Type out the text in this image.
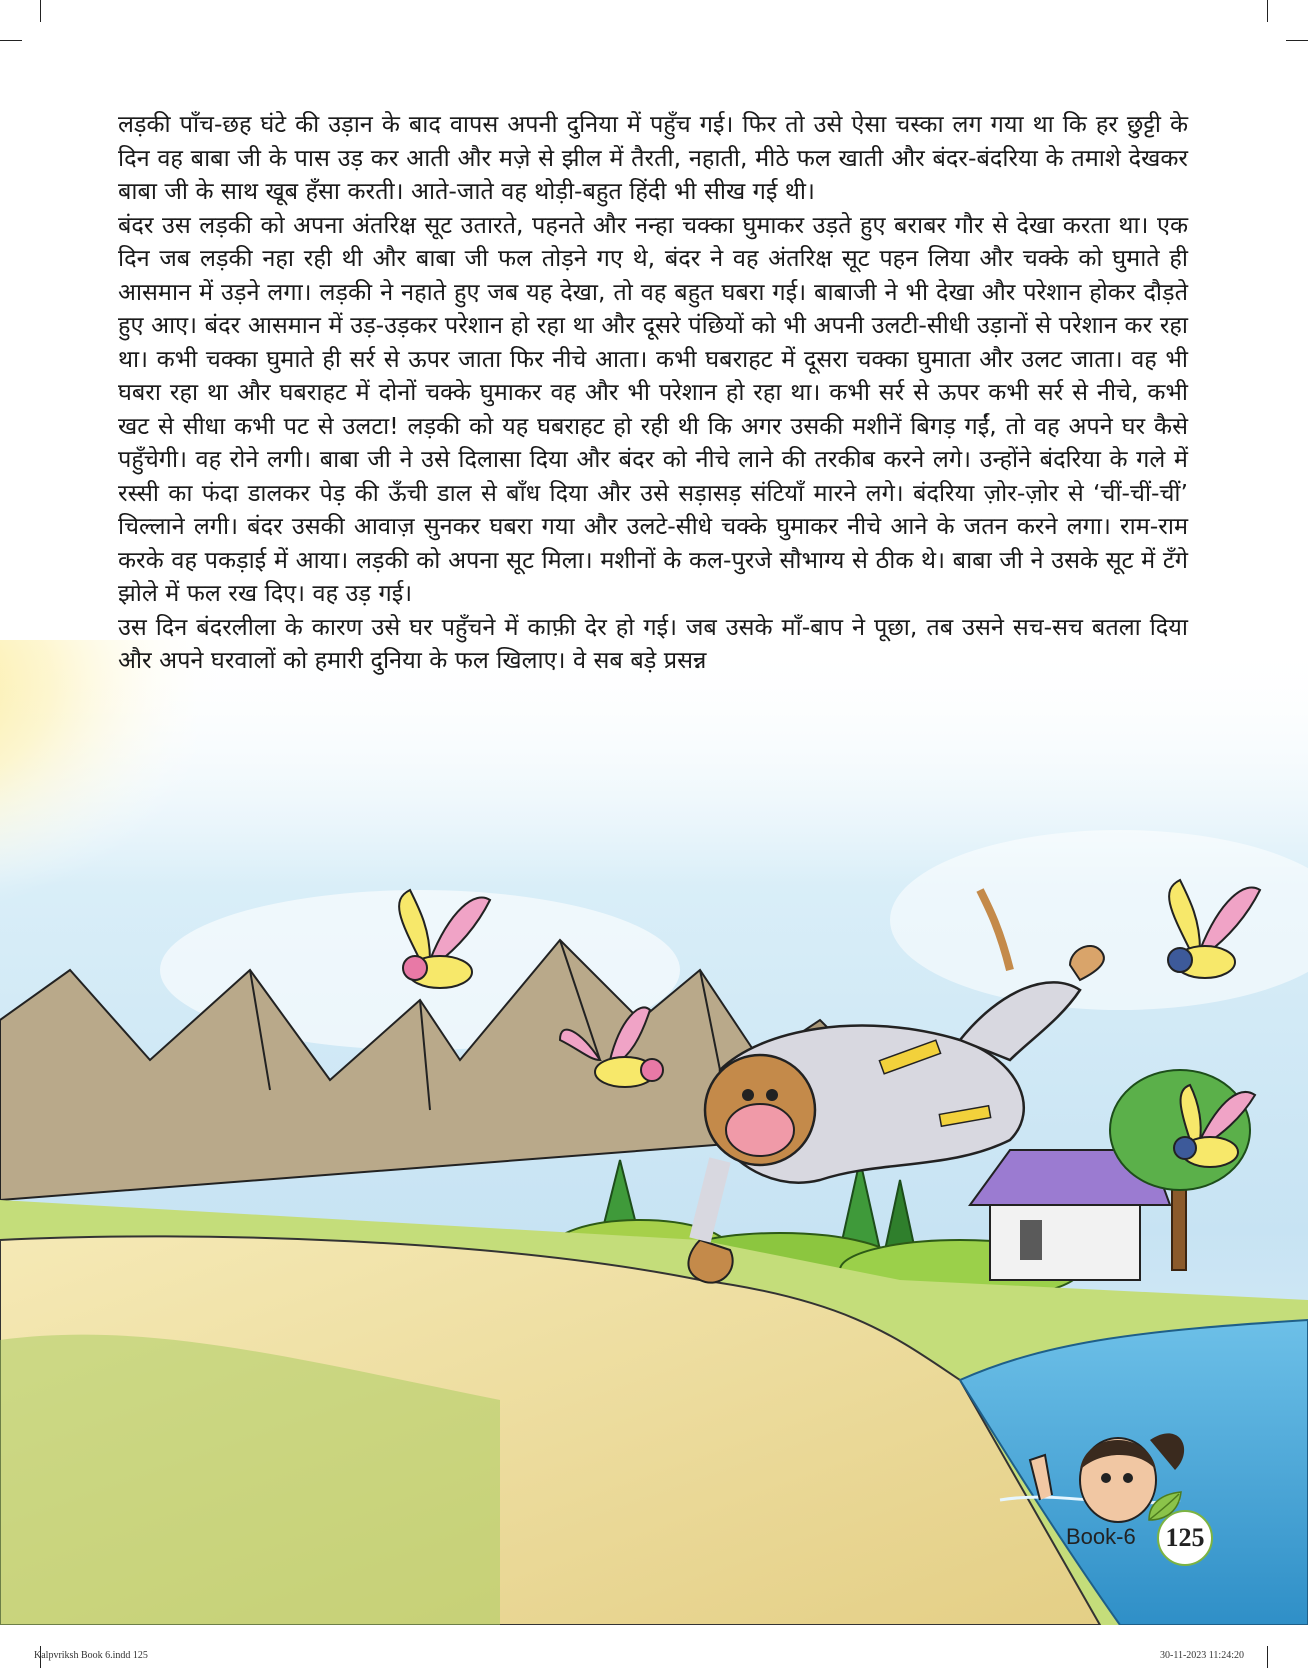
लड़की पाँच-छह घंटे की उड़ान के बाद वापस अपनी दुनिया में पहुँच गई। फिर तो उसे ऐसा चस्का लग गया था कि हर छुट्टी के दिन वह बाबा जी के पास उड़ कर आती और मज़े से झील में तैरती, नहाती, मीठे फल खाती और बंदर-बंदरिया के तमाशे देखकर बाबा जी के साथ खूब हँसा करती। आते-जाते वह थोड़ी-बहुत हिंदी भी सीख गई थी।

बंदर उस लड़की को अपना अंतरिक्ष सूट उतारते, पहनते और नन्हा चक्का घुमाकर उड़ते हुए बराबर गौर से देखा करता था। एक दिन जब लड़की नहा रही थी और बाबा जी फल तोड़ने गए थे, बंदर ने वह अंतरिक्ष सूट पहन लिया और चक्के को घुमाते ही आसमान में उड़ने लगा। लड़की ने नहाते हुए जब यह देखा, तो वह बहुत घबरा गई। बाबाजी ने भी देखा और परेशान होकर दौड़ते हुए आए। बंदर आसमान में उड़-उड़कर परेशान हो रहा था और दूसरे पंछियों को भी अपनी उलटी-सीधी उड़ानों से परेशान कर रहा था। कभी चक्का घुमाते ही सर्र से ऊपर जाता फिर नीचे आता। कभी घबराहट में दूसरा चक्का घुमाता और उलट जाता। वह भी घबरा रहा था और घबराहट में दोनों चक्के घुमाकर वह और भी परेशान हो रहा था। कभी सर्र से ऊपर कभी सर्र से नीचे, कभी खट से सीधा कभी पट से उलटा! लड़की को यह घबराहट हो रही थी कि अगर उसकी मशीनें बिगड़ गईं, तो वह अपने घर कैसे पहुँचेगी। वह रोने लगी। बाबा जी ने उसे दिलासा दिया और बंदर को नीचे लाने की तरकीब करने लगे। उन्होंने बंदरिया के गले में रस्सी का फंदा डालकर पेड़ की ऊँची डाल से बाँध दिया और उसे सड़ासड़ संटियाँ मारने लगे। बंदरिया ज़ोर-ज़ोर से ‘चीं-चीं-चीं’ चिल्लाने लगी। बंदर उसकी आवाज़ सुनकर घबरा गया और उलटे-सीधे चक्के घुमाकर नीचे आने के जतन करने लगा। राम-राम करके वह पकड़ाई में आया। लड़की को अपना सूट मिला। मशीनों के कल-पुरजे सौभाग्य से ठीक थे। बाबा जी ने उसके सूट में टँगे झोले में फल रख दिए। वह उड़ गई।

उस दिन बंदरलीला के कारण उसे घर पहुँचने में काफ़ी देर हो गई। जब उसके माँ-बाप ने पूछा, तब उसने सच-सच बतला दिया और अपने घरवालों को हमारी दुनिया के फल खिलाए। वे सब बड़े प्रसन्न

Book-6 125
Kalpvriksh Book 6.indd 125	30-11-2023 11:24:20
